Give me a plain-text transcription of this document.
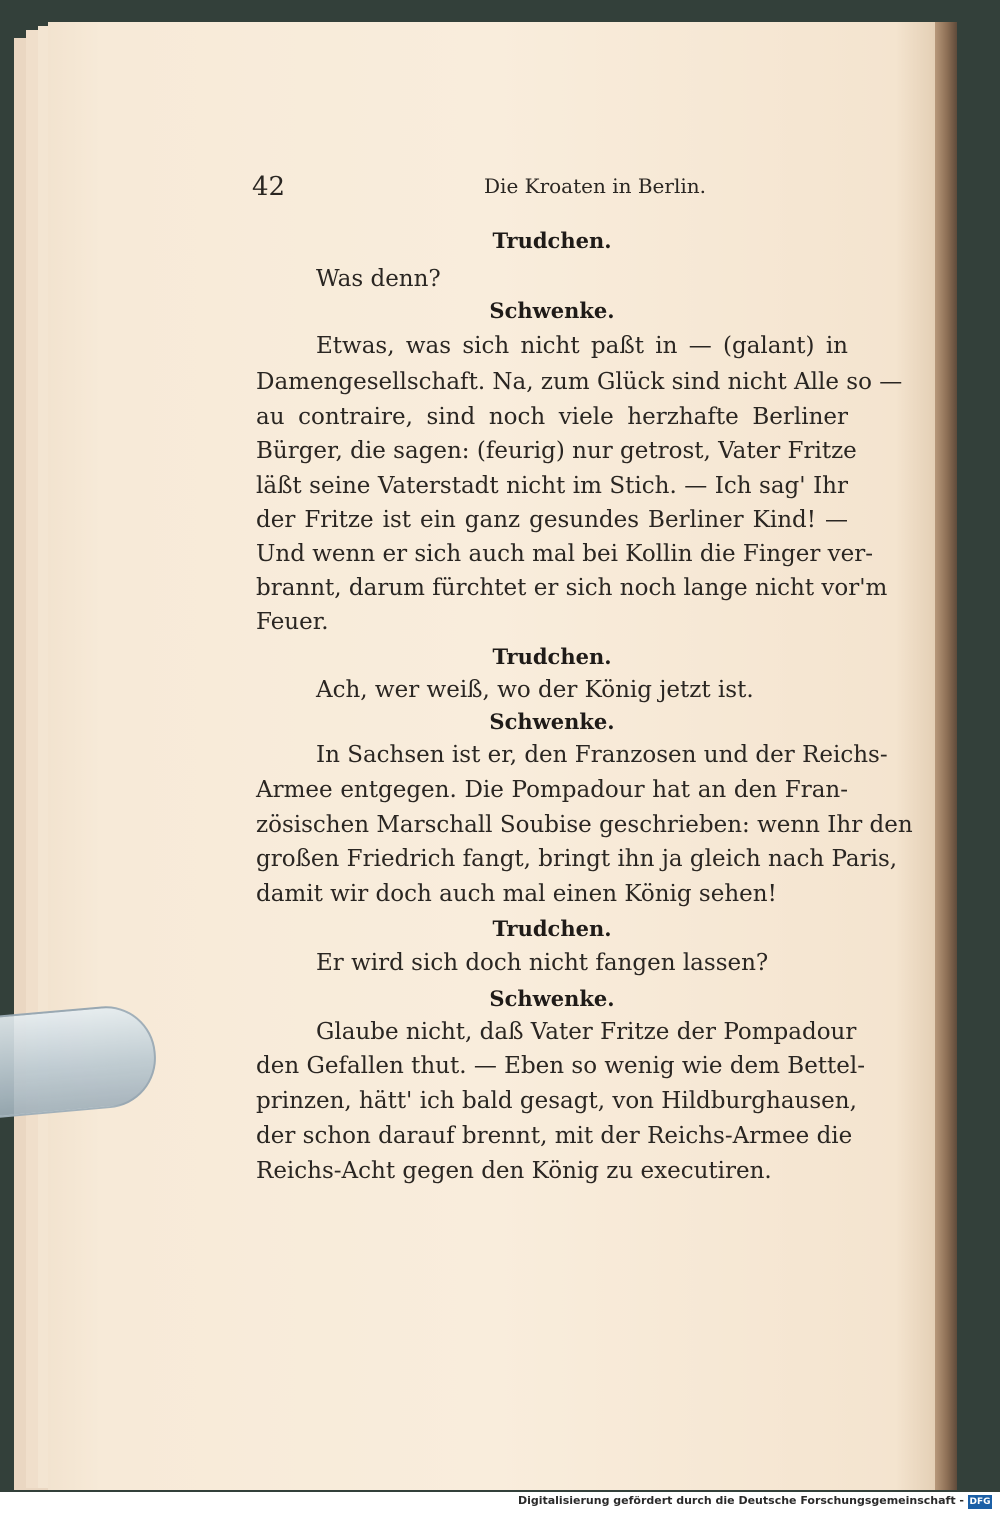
42	Die Kroaten in Berlin.
Trudchen.
Was denn?
Schwenke.
Etwas, was sich nicht paßt in — (galant) in
Damengesellschaft. Na, zum Glück sind nicht Alle so —
au contraire, sind noch viele herzhafte Berliner
Bürger, die sagen: (feurig) nur getrost, Vater Fritze
läßt seine Vaterstadt nicht im Stich. — Ich sag' Ihr
der Fritze ist ein ganz gesundes Berliner Kind! —
Und wenn er sich auch mal bei Kollin die Finger ver-
brannt, darum fürchtet er sich noch lange nicht vor'm
Feuer.
Trudchen.
Ach, wer weiß, wo der König jetzt ist.
Schwenke.
In Sachsen ist er, den Franzosen und der Reichs-
Armee entgegen. Die Pompadour hat an den Fran-
zösischen Marschall Soubise geschrieben: wenn Ihr den
großen Friedrich fangt, bringt ihn ja gleich nach Paris,
damit wir doch auch mal einen König sehen!
Trudchen.
Er wird sich doch nicht fangen lassen?
Schwenke.
Glaube nicht, daß Vater Fritze der Pompadour
den Gefallen thut. — Eben so wenig wie dem Bettel-
prinzen, hätt' ich bald gesagt, von Hildburghausen,
der schon darauf brennt, mit der Reichs-Armee die
Reichs-Acht gegen den König zu executiren.
Digitalisierung gefördert durch die Deutsche Forschungsgemeinschaft - DFG
